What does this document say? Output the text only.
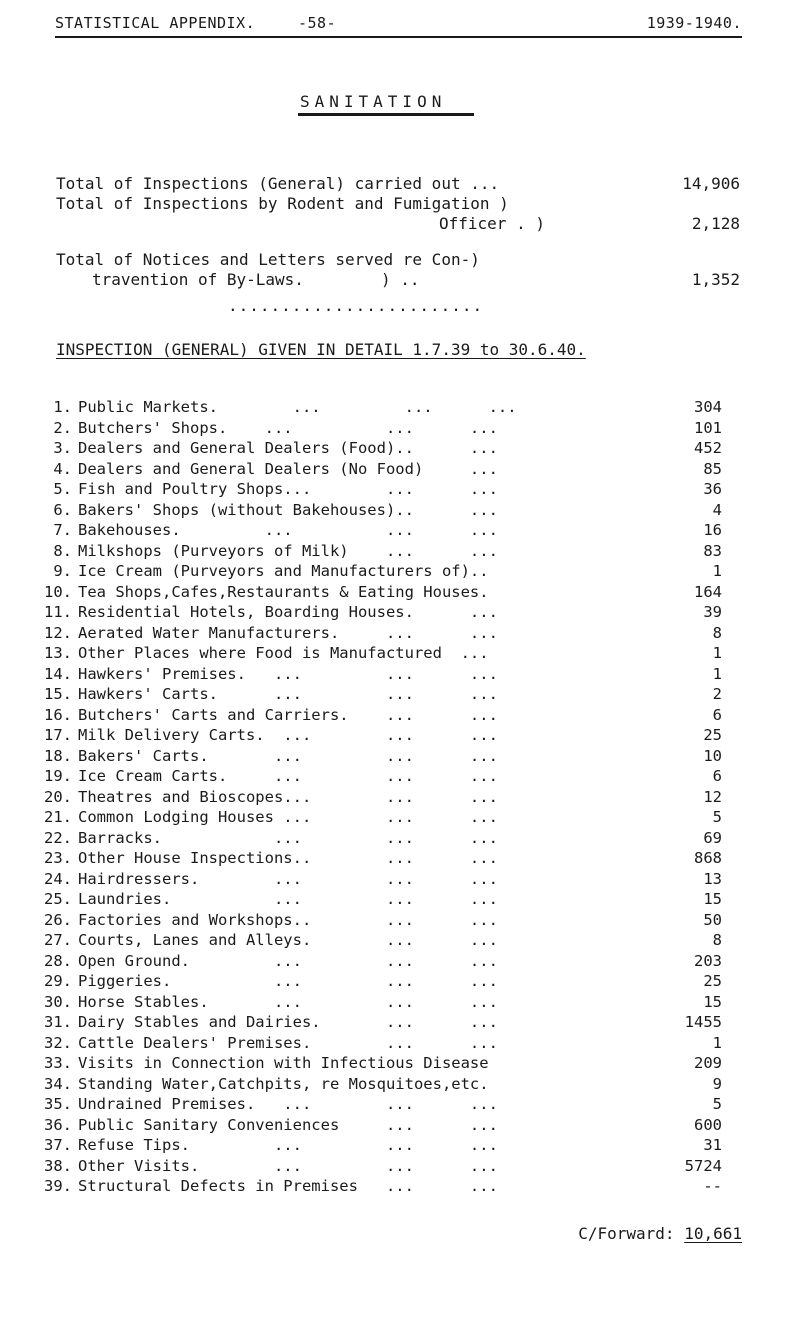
STATISTICAL APPENDIX.	-58-	1939-1940.
SANITATION
Total of Inspections (General) carried out ...	14,906
Total of Inspections by Rodent and Fumigation )
Officer . )	2,128
Total of Notices and Letters served re Con-)
travention of By-Laws.        ) ..	1,352
........................
INSPECTION (GENERAL) GIVEN IN DETAIL 1.7.39 to 30.6.40.
1. Public Markets.        ...         ...      ...	304
2. Butchers' Shops.    ...          ...      ...	101
3. Dealers and General Dealers (Food)..      ...	452
4. Dealers and General Dealers (No Food)     ...	85
5. Fish and Poultry Shops...        ...      ...	36
6. Bakers' Shops (without Bakehouses)..      ...	4
7. Bakehouses.         ...          ...      ...	16
8. Milkshops (Purveyors of Milk)    ...      ...	83
9. Ice Cream (Purveyors and Manufacturers of)..	1
10. Tea Shops,Cafes,Restaurants & Eating Houses.	164
11. Residential Hotels, Boarding Houses.      ...	39
12. Aerated Water Manufacturers.     ...      ...	8
13. Other Places where Food is Manufactured  ...	1
14. Hawkers' Premises.   ...         ...      ...	1
15. Hawkers' Carts.      ...         ...      ...	2
16. Butchers' Carts and Carriers.    ...      ...	6
17. Milk Delivery Carts.  ...        ...      ...	25
18. Bakers' Carts.       ...         ...      ...	10
19. Ice Cream Carts.     ...         ...      ...	6
20. Theatres and Bioscopes...        ...      ...	12
21. Common Lodging Houses ...        ...      ...	5
22. Barracks.            ...         ...      ...	69
23. Other House Inspections..        ...      ...	868
24. Hairdressers.        ...         ...      ...	13
25. Laundries.           ...         ...      ...	15
26. Factories and Workshops..        ...      ...	50
27. Courts, Lanes and Alleys.        ...      ...	8
28. Open Ground.         ...         ...      ...	203
29. Piggeries.           ...         ...      ...	25
30. Horse Stables.       ...         ...      ...	15
31. Dairy Stables and Dairies.       ...      ...	1455
32. Cattle Dealers' Premises.        ...      ...	1
33. Visits in Connection with Infectious Disease	209
34. Standing Water,Catchpits, re Mosquitoes,etc.	9
35. Undrained Premises.   ...        ...      ...	5
36. Public Sanitary Conveniences     ...      ...	600
37. Refuse Tips.         ...         ...      ...	31
38. Other Visits.        ...         ...      ...	5724
39. Structural Defects in Premises   ...      ...	--
C/Forward: 10,661
